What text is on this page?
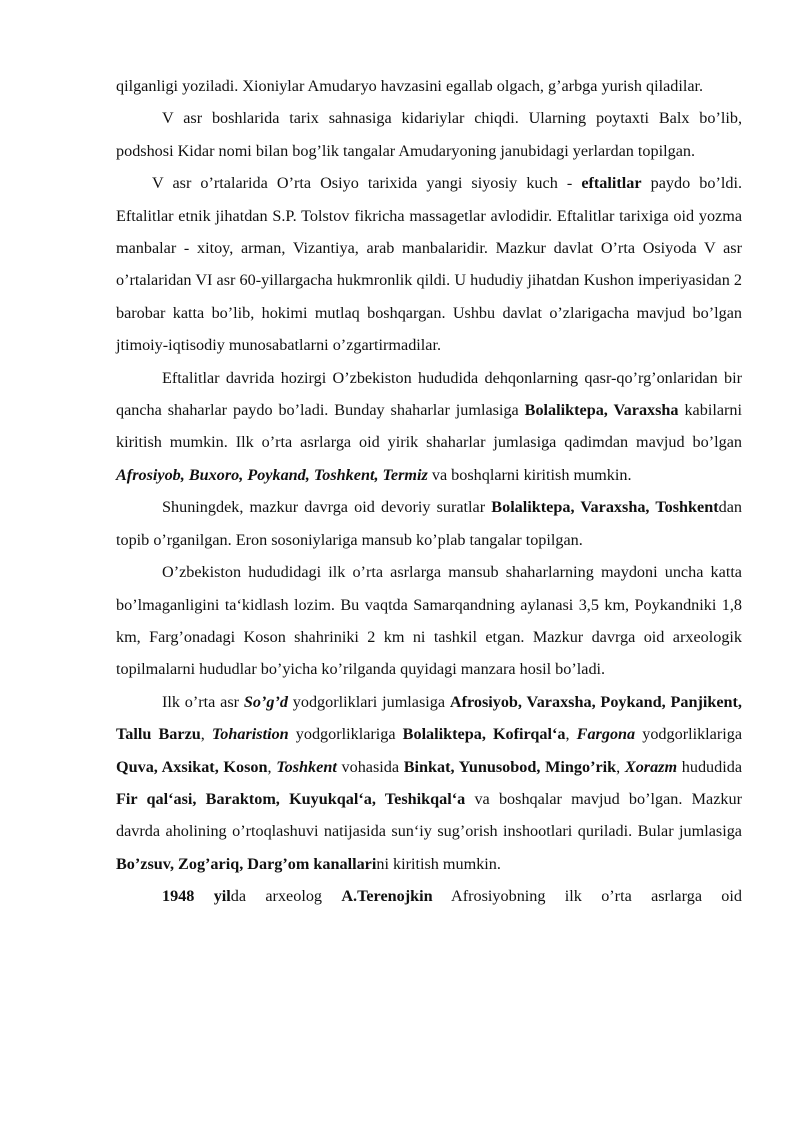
qilganligi yoziladi. Xioniylar Amudaryo havzasini egallab olgach, g’arbga yurish qiladilar.

V asr boshlarida tarix sahnasiga kidariylar chiqdi. Ularning poytaxti Balx bo’lib, podshosi Kidar nomi bilan bog’lik tangalar Amudaryoning janubidagi yerlardan topilgan.

V asr o’rtalarida O’rta Osiyo tarixida yangi siyosiy kuch - eftalitlar paydo bo’ldi. Eftalitlar etnik jihatdan S.P. Tolstov fikricha massagetlar avlodidir. Eftalitlar tarixiga oid yozma manbalar - xitoy, arman, Vizantiya, arab manbalaridir. Mazkur davlat O’rta Osiyoda V asr o’rtalaridan VI asr 60-yillargacha hukmronlik qildi. U hududiy jihatdan Kushon imperiyasidan 2 barobar katta bo’lib, hokimi mutlaq boshqargan. Ushbu davlat o’zlarigacha mavjud bo’lgan jtimoiy-iqtisodiy munosabatlarni o’zgartirmadilar.

Eftalitlar davrida hozirgi O’zbekiston hududida dehqonlarning qasr-qo’rg’onlaridan bir qancha shaharlar paydo bo’ladi. Bunday shaharlar jumlasiga Bolaliktepa, Varaxsha kabilarni kiritish mumkin. Ilk o’rta asrlarga oid yirik shaharlar jumlasiga qadimdan mavjud bo’lgan Afrosiyob, Buxoro, Poykand, Toshkent, Termiz va boshqlarni kiritish mumkin.

Shuningdek, mazkur davrga oid devoriy suratlar Bolaliktepa, Varaxsha, Toshkentdan topib o’rganilgan. Eron sosoniylariga mansub ko’plab tangalar topilgan.

O’zbekiston hududidagi ilk o’rta asrlarga mansub shaharlarning maydoni uncha katta bo’lmaganligini ta‘kidlash lozim. Bu vaqtda Samarqandning aylanasi 3,5 km, Poykandniki 1,8 km, Farg’onadagi Koson shahriniki 2 km ni tashkil etgan. Mazkur davrga oid arxeologik topilmalarni hududlar bo’yicha ko’rilganda quyidagi manzara hosil bo’ladi.

Ilk o’rta asr So’g’d yodgorliklari jumlasiga Afrosiyob, Varaxsha, Poykand, Panjikent, Tallu Barzu, Toharistion yodgorliklariga Bolaliktepa, Kofirqal‘a, Fargona yodgorliklariga Quva, Axsikat, Koson, Toshkent vohasida Binkat, Yunusobod, Mingo’rik, Xorazm hududida Fir qal‘asi, Baraktom, Kuyukqal‘a, Teshikqal‘a va boshqalar mavjud bo’lgan. Mazkur davrda aholining o’rtoqlashuvi natijasida sun‘iy sug’orish inshootlari quriladi. Bular jumlasiga Bo’zsuv, Zog’ariq, Darg’om kanallarini kiritish mumkin.

1948 yilda arxeolog A.Terenojkin Afrosiyobning ilk o’rta asrlarga oid
